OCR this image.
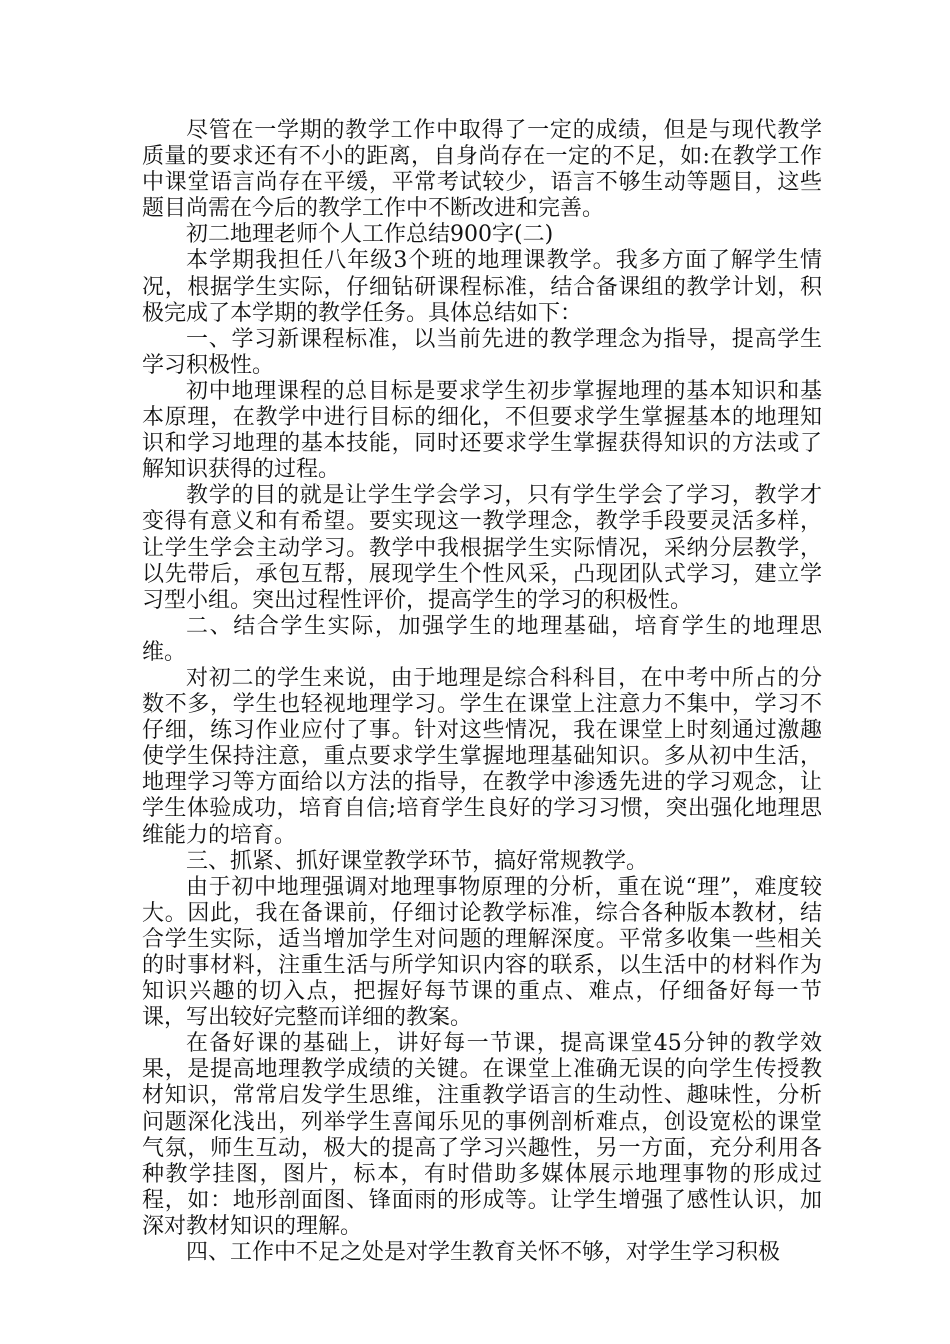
尽管在一学期的教学工作中取得了一定的成绩，但是与现代教学质量的要求还有不小的距离，自身尚存在一定的不足，如:在教学工作中课堂语言尚存在平缓，平常考试较少，语言不够生动等题目，这些题目尚需在今后的教学工作中不断改进和完善。

初二地理老师个人工作总结900字(二)

本学期我担任八年级3个班的地理课教学。我多方面了解学生情况，根据学生实际，仔细钻研课程标准，结合备课组的教学计划，积极完成了本学期的教学任务。具体总结如下：

一、学习新课程标准，以当前先进的教学理念为指导，提高学生学习积极性。

初中地理课程的总目标是要求学生初步掌握地理的基本知识和基本原理，在教学中进行目标的细化，不但要求学生掌握基本的地理知识和学习地理的基本技能，同时还要求学生掌握获得知识的方法或了解知识获得的过程。

教学的目的就是让学生学会学习，只有学生学会了学习，教学才变得有意义和有希望。要实现这一教学理念，教学手段要灵活多样，让学生学会主动学习。教学中我根据学生实际情况，采纳分层教学，以先带后，承包互帮，展现学生个性风采，凸现团队式学习，建立学习型小组。突出过程性评价，提高学生的学习的积极性。

二、结合学生实际，加强学生的地理基础，培育学生的地理思维。

对初二的学生来说，由于地理是综合科科目，在中考中所占的分数不多，学生也轻视地理学习。学生在课堂上注意力不集中，学习不仔细，练习作业应付了事。针对这些情况，我在课堂上时刻通过激趣使学生保持注意，重点要求学生掌握地理基础知识。多从初中生活，地理学习等方面给以方法的指导，在教学中渗透先进的学习观念，让学生体验成功，培育自信;培育学生良好的学习习惯，突出强化地理思维能力的培育。

三、抓紧、抓好课堂教学环节，搞好常规教学。

由于初中地理强调对地理事物原理的分析，重在说“理”，难度较大。因此，我在备课前，仔细讨论教学标准，综合各种版本教材，结合学生实际，适当增加学生对问题的理解深度。平常多收集一些相关的时事材料，注重生活与所学知识内容的联系，以生活中的材料作为知识兴趣的切入点，把握好每节课的重点、难点，仔细备好每一节课，写出较好完整而详细的教案。

在备好课的基础上，讲好每一节课，提高课堂45分钟的教学效果，是提高地理教学成绩的关键。在课堂上准确无误的向学生传授教材知识，常常启发学生思维，注重教学语言的生动性、趣味性，分析问题深化浅出，列举学生喜闻乐见的事例剖析难点，创设宽松的课堂气氛，师生互动，极大的提高了学习兴趣性，另一方面，充分利用各种教学挂图，图片，标本，有时借助多媒体展示地理事物的形成过程，如：地形剖面图、锋面雨的形成等。让学生增强了感性认识，加深对教材知识的理解。

四、工作中不足之处是对学生教育关怀不够，对学生学习积极
